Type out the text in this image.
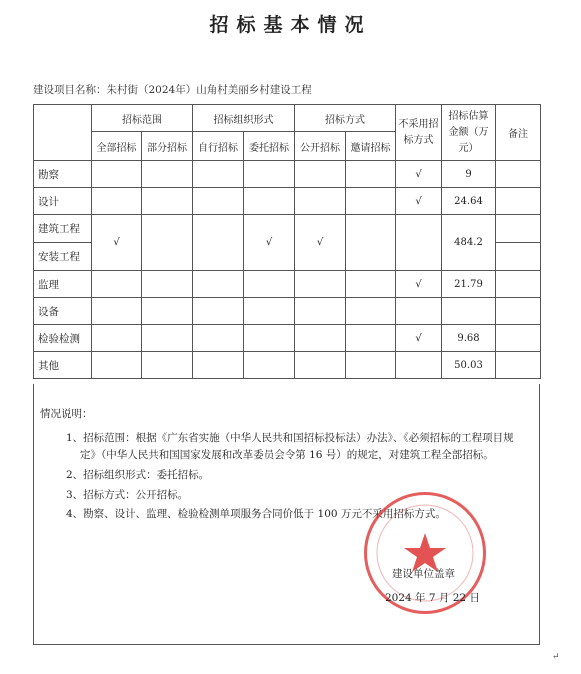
招标基本情况
建设项目名称：朱村街（2024年）山角村美丽乡村建设工程
	招标范围		招标组织形式		招标方式		不采用招标方式	招标估算金额（万元）	备注
	全部招标	部分招标	自行招标	委托招标	公开招标	邀请招标			
勘察							√	9	
设计							√	24.64	
建筑工程	√			√	√			484.2	
安装工程									
监理							√	21.79	
设备									
检验检测							√	9.68	
其他								50.03	
情况说明：
1、招标范围：根据《广东省实施（中华人民共和国招标投标法）办法》、《必须招标的工程项目规
定》（中华人民共和国国家发展和改革委员会令第 16 号）的规定，对建筑工程全部招标。
2、招标组织形式：委托招标。
3、招标方式：公开招标。
4、勘察、设计、监理、检验检测单项服务合同价低于 100 万元不采用招标方式。
建设单位盖章
2024 年 7 月 22 日
↵
